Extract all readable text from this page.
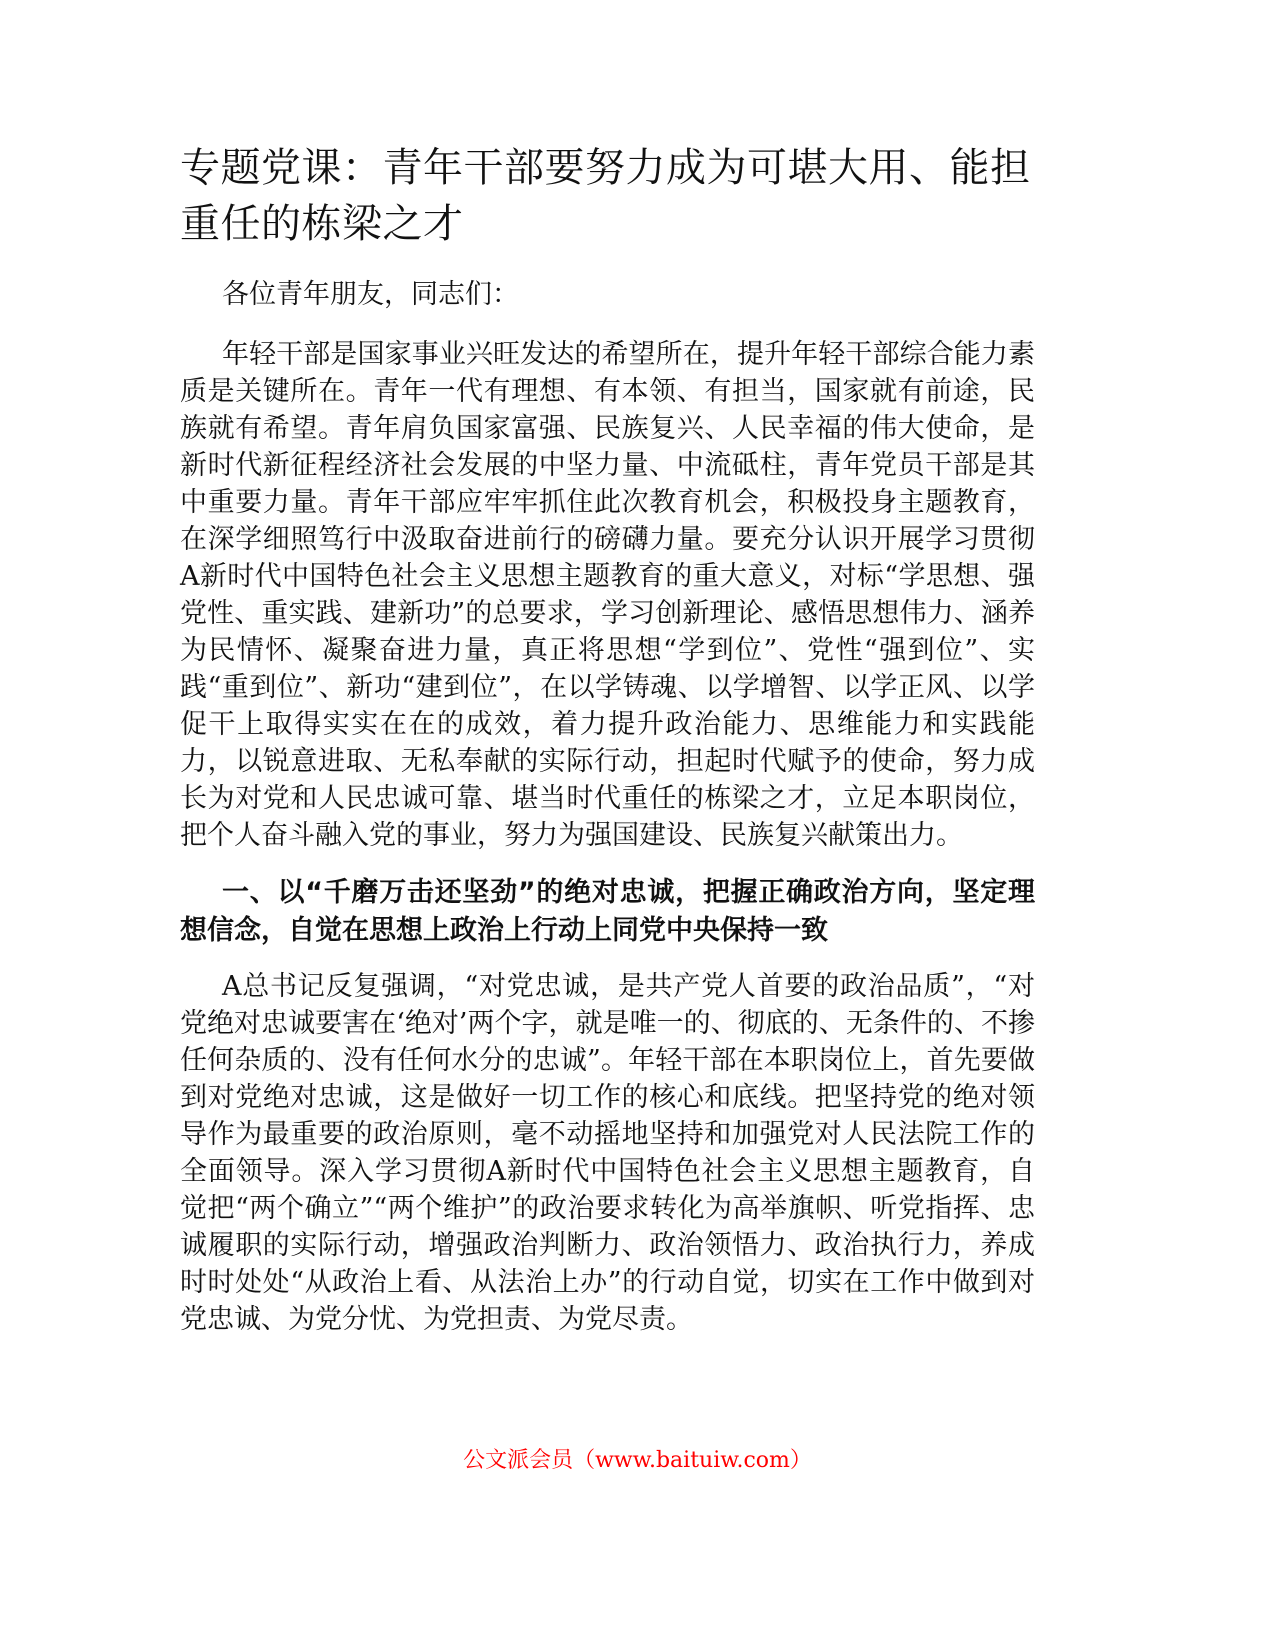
专题党课：青年干部要努力成为可堪大用、能担重任的栋梁之才

各位青年朋友，同志们：

年轻干部是国家事业兴旺发达的希望所在，提升年轻干部综合能力素质是关键所在。青年一代有理想、有本领、有担当，国家就有前途，民族就有希望。青年肩负国家富强、民族复兴、人民幸福的伟大使命，是新时代新征程经济社会发展的中坚力量、中流砥柱，青年党员干部是其中重要力量。青年干部应牢牢抓住此次教育机会，积极投身主题教育，在深学细照笃行中汲取奋进前行的磅礴力量。要充分认识开展学习贯彻A新时代中国特色社会主义思想主题教育的重大意义，对标“学思想、强党性、重实践、建新功”的总要求，学习创新理论、感悟思想伟力、涵养为民情怀、凝聚奋进力量，真正将思想“学到位”、党性“强到位”、实践“重到位”、新功“建到位”，在以学铸魂、以学增智、以学正风、以学促干上取得实实在在的成效，着力提升政治能力、思维能力和实践能力，以锐意进取、无私奉献的实际行动，担起时代赋予的使命，努力成长为对党和人民忠诚可靠、堪当时代重任的栋梁之才，立足本职岗位，把个人奋斗融入党的事业，努力为强国建设、民族复兴献策出力。

一、以“千磨万击还坚劲”的绝对忠诚，把握正确政治方向，坚定理想信念，自觉在思想上政治上行动上同党中央保持一致

A总书记反复强调，“对党忠诚，是共产党人首要的政治品质”，“对党绝对忠诚要害在‘绝对’两个字，就是唯一的、彻底的、无条件的、不掺任何杂质的、没有任何水分的忠诚”。年轻干部在本职岗位上，首先要做到对党绝对忠诚，这是做好一切工作的核心和底线。把坚持党的绝对领导作为最重要的政治原则，毫不动摇地坚持和加强党对人民法院工作的全面领导。深入学习贯彻A新时代中国特色社会主义思想主题教育，自觉把“两个确立”“两个维护”的政治要求转化为高举旗帜、听党指挥、忠诚履职的实际行动，增强政治判断力、政治领悟力、政治执行力，养成时时处处“从政治上看、从法治上办”的行动自觉，切实在工作中做到对党忠诚、为党分忧、为党担责、为党尽责。

公文派会员（www.baituiw.com）
